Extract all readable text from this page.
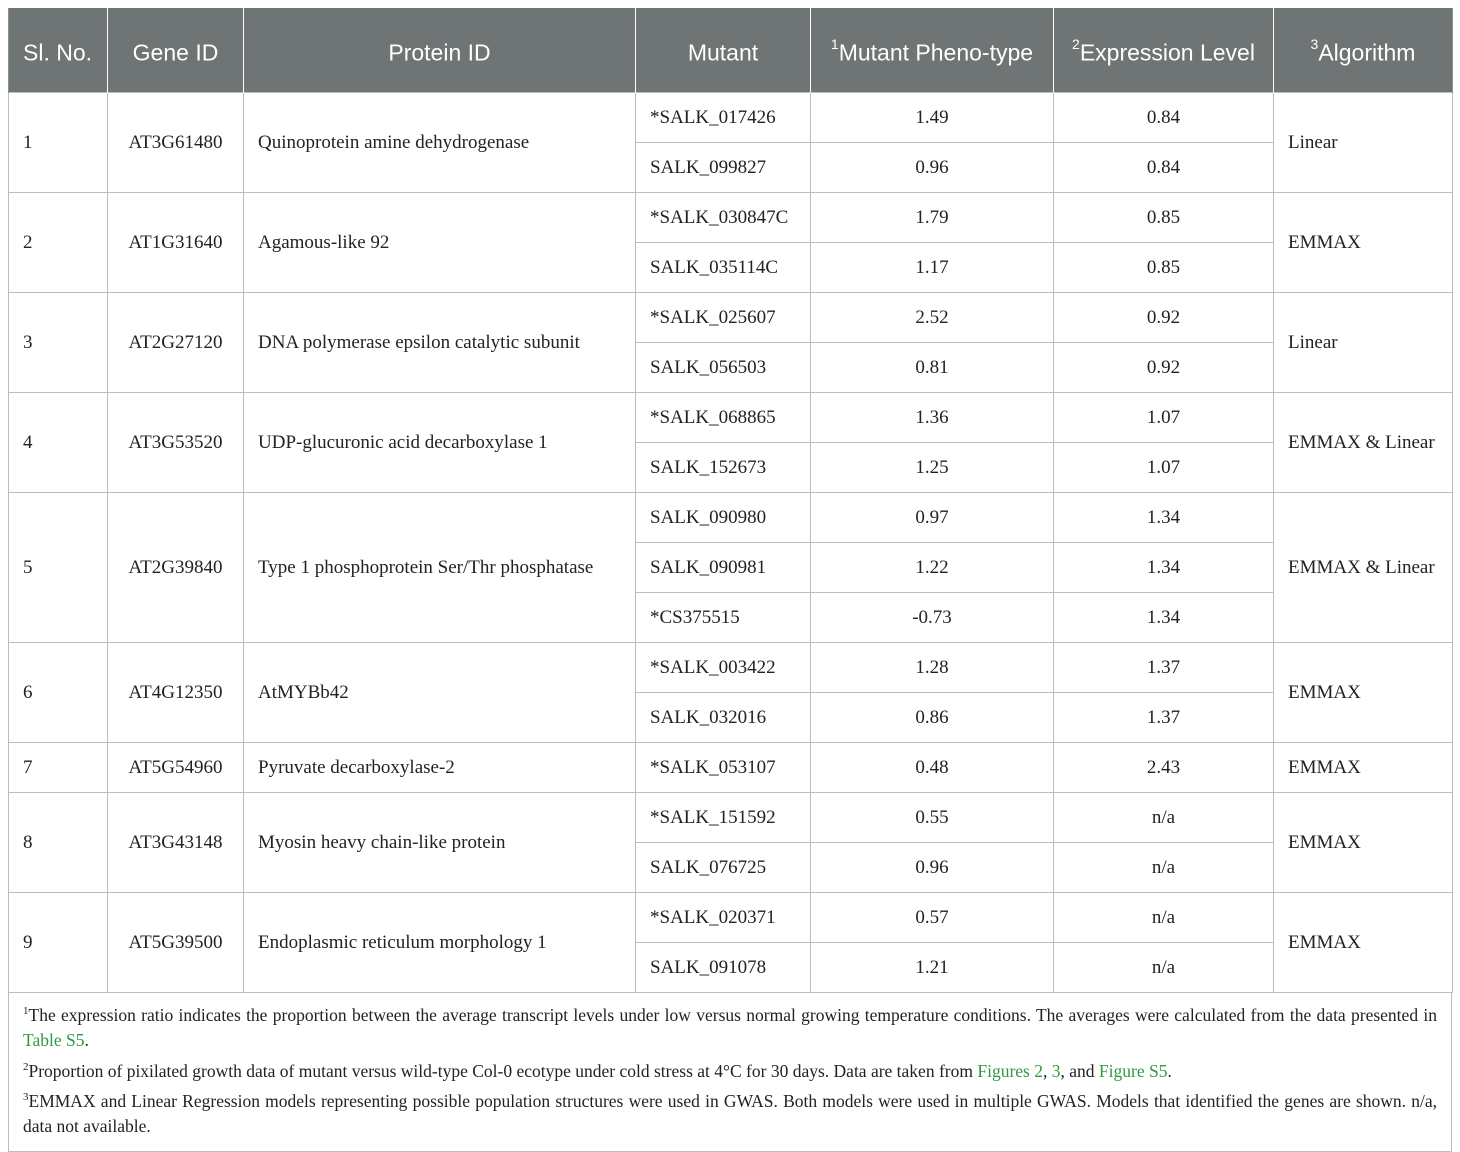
Sl. No.	Gene ID	Protein ID	Mutant	$^1$Mutant Pheno-type	$^2$Expression Level	$^3$Algorithm
1	AT3G61480	Quinoprotein amine dehydrogenase	*SALK_017426	1.49	0.84	Linear
			SALK_099827	0.96	0.84	
2	AT1G31640	Agamous-like 92	*SALK_030847C	1.79	0.85	EMMAX
			SALK_035114C	1.17	0.85	
3	AT2G27120	DNA polymerase epsilon catalytic subunit	*SALK_025607	2.52	0.92	Linear
			SALK_056503	0.81	0.92	
4	AT3G53520	UDP-glucuronic acid decarboxylase 1	*SALK_068865	1.36	1.07	EMMAX & Linear
			SALK_152673	1.25	1.07	
5	AT2G39840	Type 1 phosphoprotein Ser/Thr phosphatase	SALK_090980	0.97	1.34	EMMAX & Linear
			SALK_090981	1.22	1.34	
			*CS375515	-0.73	1.34	
6	AT4G12350	AtMYBb42	*SALK_003422	1.28	1.37	EMMAX
			SALK_032016	0.86	1.37	
7	AT5G54960	Pyruvate decarboxylase-2	*SALK_053107	0.48	2.43	EMMAX
8	AT3G43148	Myosin heavy chain-like protein	*SALK_151592	0.55	n/a	EMMAX
			SALK_076725	0.96	n/a	
9	AT5G39500	Endoplasmic reticulum morphology 1	*SALK_020371	0.57	n/a	EMMAX
			SALK_091078	1.21	n/a	

$^1$The expression ratio indicates the proportion between the average transcript levels under low versus normal growing temperature conditions. The averages were calculated from the data presented in Table S5.

$^2$Proportion of pixilated growth data of mutant versus wild-type Col-0 ecotype under cold stress at 4°C for 30 days. Data are taken from Figures 2, 3, and Figure S5.

$^3$EMMAX and Linear Regression models representing possible population structures were used in GWAS. Both models were used in multiple GWAS. Models that identified the genes are shown. n/a, data not available.
